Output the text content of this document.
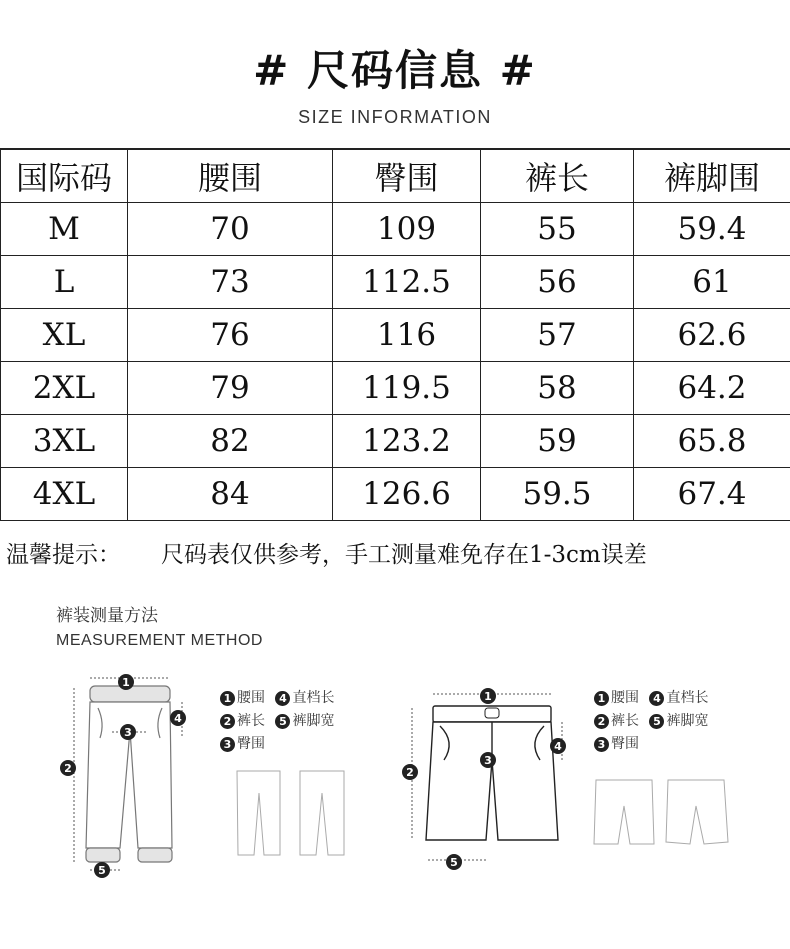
# 尺码信息 #
SIZE INFORMATION
国际码	腰围	臀围	裤长	裤脚围
M	70	109	55	59.4
L	73	112.5	56	61
XL	76	116	57	62.6
2XL	79	119.5	58	64.2
3XL	82	123.2	59	65.8
4XL	84	126.6	59.5	67.4
温馨提示： 尺码表仅供参考，手工测量难免存在1-3cm误差
裤装测量方法
MEASUREMENT METHOD
1
2
3
4
5
1 腰围 4 直档长
2 裤长 5 裤脚宽
3 臀围
1
2
3
4
5
1 腰围 4 直档长
2 裤长 5 裤脚宽
3 臀围
